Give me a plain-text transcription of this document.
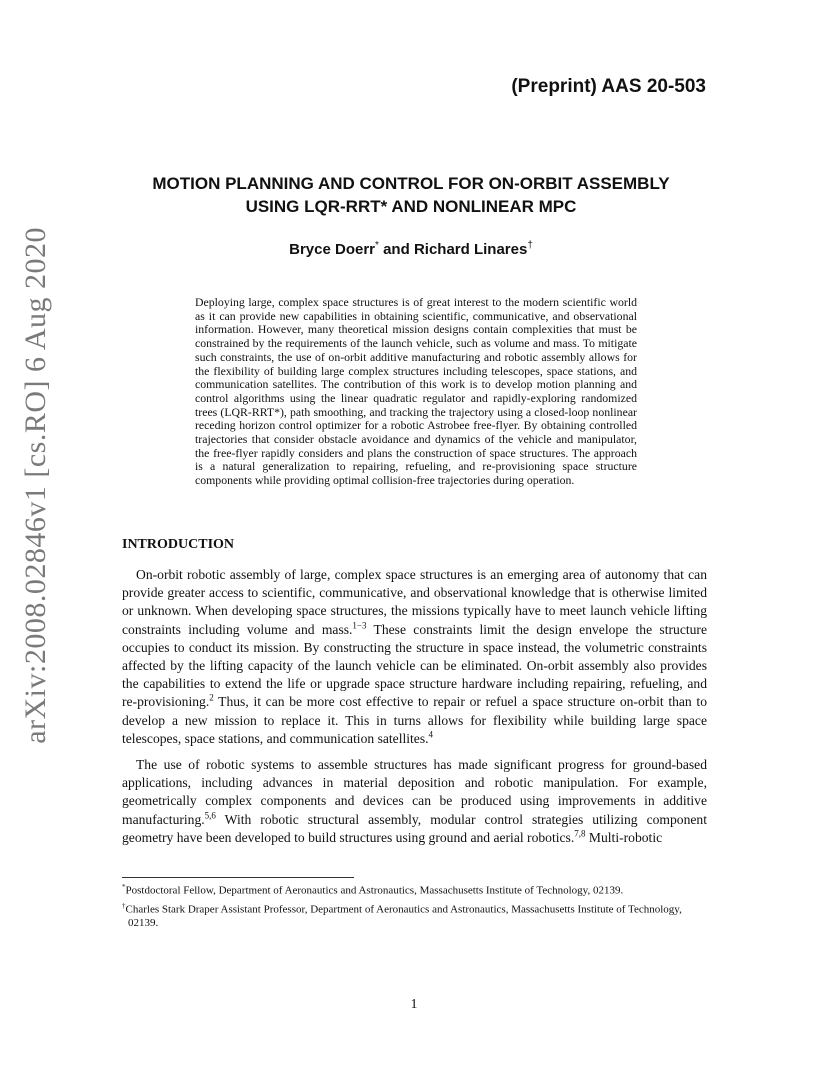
arXiv:2008.02846v1 [cs.RO] 6 Aug 2020
(Preprint) AAS 20-503
MOTION PLANNING AND CONTROL FOR ON-ORBIT ASSEMBLY
USING LQR-RRT* AND NONLINEAR MPC
Bryce Doerr* and Richard Linares†
Deploying large, complex space structures is of great interest to the modern scientific world as it can provide new capabilities in obtaining scientific, communicative, and observational information. However, many theoretical mission designs contain complexities that must be constrained by the requirements of the launch vehicle, such as volume and mass. To mitigate such constraints, the use of on-orbit additive manufacturing and robotic assembly allows for the flexibility of building large complex structures including telescopes, space stations, and communication satellites. The contribution of this work is to develop motion planning and control algorithms using the linear quadratic regulator and rapidly-exploring randomized trees (LQR-RRT*), path smoothing, and tracking the trajectory using a closed-loop nonlinear receding horizon control optimizer for a robotic Astrobee free-flyer. By obtaining controlled trajectories that consider obstacle avoidance and dynamics of the vehicle and manipulator, the free-flyer rapidly considers and plans the construction of space structures. The approach is a natural generalization to repairing, refueling, and re-provisioning space structure components while providing optimal collision-free trajectories during operation.
INTRODUCTION

On-orbit robotic assembly of large, complex space structures is an emerging area of autonomy that can provide greater access to scientific, communicative, and observational knowledge that is otherwise limited or unknown. When developing space structures, the missions typically have to meet launch vehicle lifting constraints including volume and mass.$^{1-3}$ These constraints limit the design envelope the structure occupies to conduct its mission. By constructing the structure in space instead, the volumetric constraints affected by the lifting capacity of the launch vehicle can be eliminated. On-orbit assembly also provides the capabilities to extend the life or upgrade space structure hardware including repairing, refueling, and re-provisioning.$^2$ Thus, it can be more cost effective to repair or refuel a space structure on-orbit than to develop a new mission to replace it. This in turns allows for flexibility while building large space telescopes, space stations, and communication satellites.$^4$

The use of robotic systems to assemble structures has made significant progress for ground-based applications, including advances in material deposition and robotic manipulation. For example, geometrically complex components and devices can be produced using improvements in additive manufacturing.$^{5,6}$ With robotic structural assembly, modular control strategies utilizing component geometry have been developed to build structures using ground and aerial robotics.$^{7,8}$ Multi-robotic

*Postdoctoral Fellow, Department of Aeronautics and Astronautics, Massachusetts Institute of Technology, 02139.
†Charles Stark Draper Assistant Professor, Department of Aeronautics and Astronautics, Massachusetts Institute of Technology, 02139.
1
